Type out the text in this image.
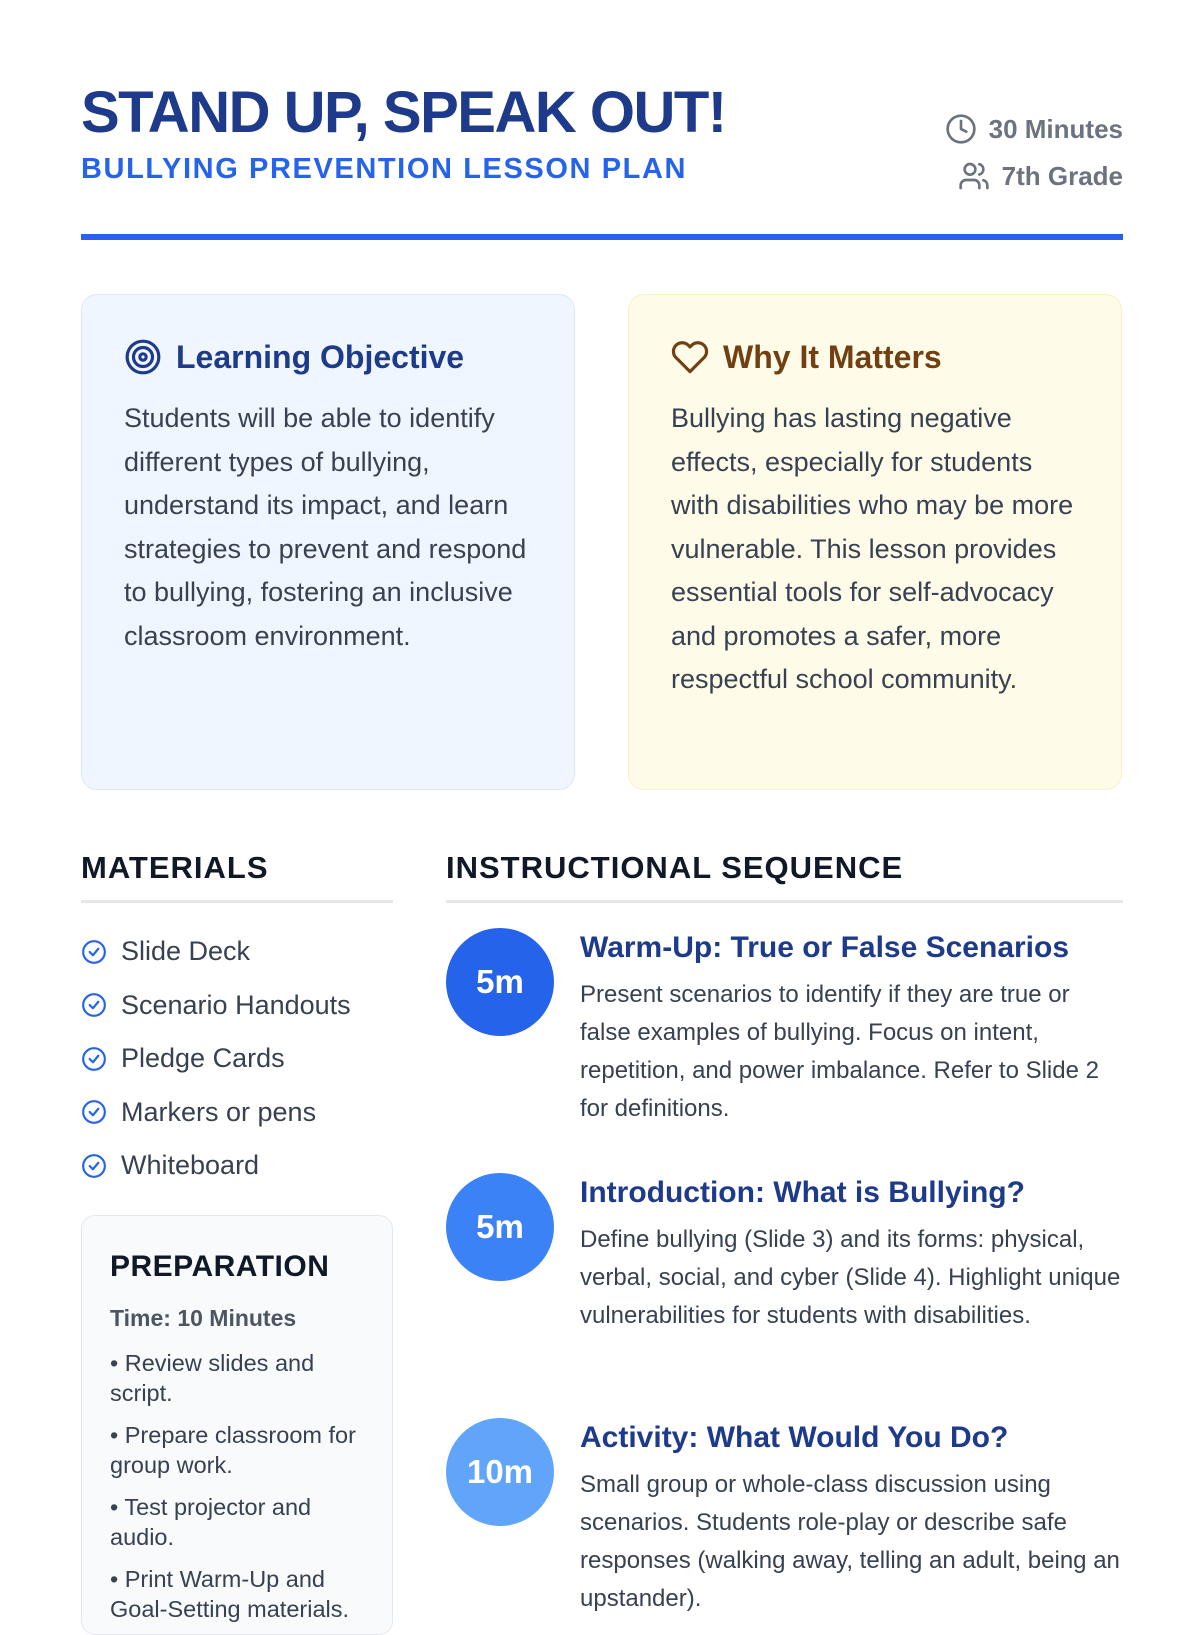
STAND UP, SPEAK OUT!
BULLYING PREVENTION LESSON PLAN
30 Minutes
7th Grade
Learning Objective

Students will be able to identify different types of bullying, understand its impact, and learn strategies to prevent and respond to bullying, fostering an inclusive classroom environment.

Why It Matters

Bullying has lasting negative effects, especially for students with disabilities who may be more vulnerable. This lesson provides essential tools for self-advocacy and promotes a safer, more respectful school community.

MATERIALS
Slide Deck
Scenario Handouts
Pledge Cards
Markers or pens
Whiteboard
PREPARATION
Time: 10 Minutes
• Review slides and script.
• Prepare classroom for group work.
• Test projector and audio.
• Print Warm-Up and Goal-Setting materials.
INSTRUCTIONAL SEQUENCE
5m
Warm-Up: True or False Scenarios

Present scenarios to identify if they are true or false examples of bullying. Focus on intent, repetition, and power imbalance. Refer to Slide 2 for definitions.

5m
Introduction: What is Bullying?

Define bullying (Slide 3) and its forms: physical, verbal, social, and cyber (Slide 4). Highlight unique vulnerabilities for students with disabilities.

10m
Activity: What Would You Do?

Small group or whole-class discussion using scenarios. Students role-play or describe safe responses (walking away, telling an adult, being an upstander).
